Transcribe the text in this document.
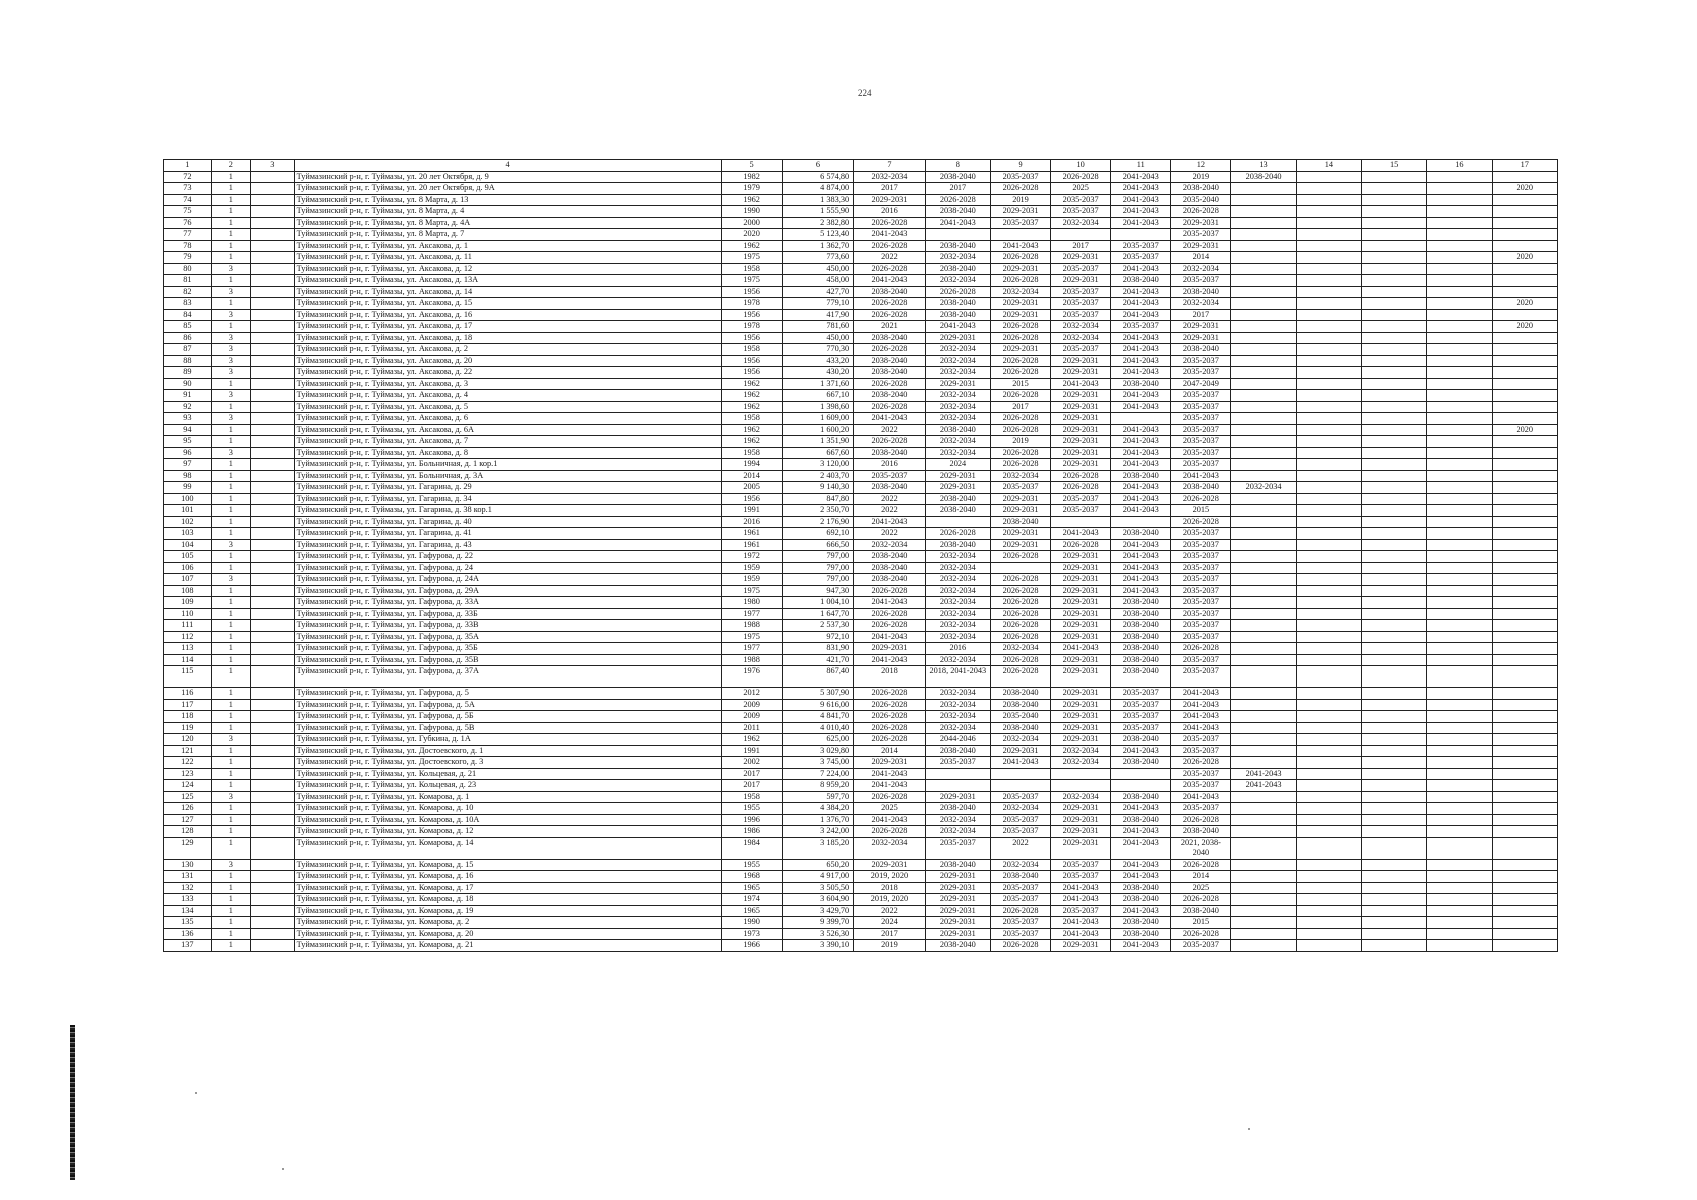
224
1	2	3	4	5	6	7	8	9	10	11	12	13	14	15	16	17
72	1		Туймазинский р-н, г. Туймазы, ул. 20 лет Октября, д. 9	1982	6 574,80	2032-2034	2038-2040	2035-2037	2026-2028	2041-2043	2019	2038-2040				
73	1		Туймазинский р-н, г. Туймазы, ул. 20 лет Октября, д. 9А	1979	4 874,00	2017	2017	2026-2028	2025	2041-2043	2038-2040					2020
74	1		Туймазинский р-н, г. Туймазы, ул. 8 Марта, д. 13	1962	1 383,30	2029-2031	2026-2028	2019	2035-2037	2041-2043	2035-2040					
75	1		Туймазинский р-н, г. Туймазы, ул. 8 Марта, д. 4	1990	1 555,90	2016	2038-2040	2029-2031	2035-2037	2041-2043	2026-2028					
76	1		Туймазинский р-н, г. Туймазы, ул. 8 Марта, д. 4А	2000	2 382,80	2026-2028	2041-2043	2035-2037	2032-2034	2041-2043	2029-2031					
77	1		Туймазинский р-н, г. Туймазы, ул. 8 Марта, д. 7	2020	5 123,40	2041-2043					2035-2037					
78	1		Туймазинский р-н, г. Туймазы, ул. Аксакова, д. 1	1962	1 362,70	2026-2028	2038-2040	2041-2043	2017	2035-2037	2029-2031					
79	1		Туймазинский р-н, г. Туймазы, ул. Аксакова, д. 11	1975	773,60	2022	2032-2034	2026-2028	2029-2031	2035-2037	2014					2020
80	3		Туймазинский р-н, г. Туймазы, ул. Аксакова, д. 12	1958	450,00	2026-2028	2038-2040	2029-2031	2035-2037	2041-2043	2032-2034					
81	1		Туймазинский р-н, г. Туймазы, ул. Аксакова, д. 13А	1975	458,00	2041-2043	2032-2034	2026-2028	2029-2031	2038-2040	2035-2037					
82	3		Туймазинский р-н, г. Туймазы, ул. Аксакова, д. 14	1956	427,70	2038-2040	2026-2028	2032-2034	2035-2037	2041-2043	2038-2040					
83	1		Туймазинский р-н, г. Туймазы, ул. Аксакова, д. 15	1978	779,10	2026-2028	2038-2040	2029-2031	2035-2037	2041-2043	2032-2034					2020
84	3		Туймазинский р-н, г. Туймазы, ул. Аксакова, д. 16	1956	417,90	2026-2028	2038-2040	2029-2031	2035-2037	2041-2043	2017					
85	1		Туймазинский р-н, г. Туймазы, ул. Аксакова, д. 17	1978	781,60	2021	2041-2043	2026-2028	2032-2034	2035-2037	2029-2031					2020
86	3		Туймазинский р-н, г. Туймазы, ул. Аксакова, д. 18	1956	450,00	2038-2040	2029-2031	2026-2028	2032-2034	2041-2043	2029-2031					
87	3		Туймазинский р-н, г. Туймазы, ул. Аксакова, д. 2	1958	770,30	2026-2028	2032-2034	2029-2031	2035-2037	2041-2043	2038-2040					
88	3		Туймазинский р-н, г. Туймазы, ул. Аксакова, д. 20	1956	433,20	2038-2040	2032-2034	2026-2028	2029-2031	2041-2043	2035-2037					
89	3		Туймазинский р-н, г. Туймазы, ул. Аксакова, д. 22	1956	430,20	2038-2040	2032-2034	2026-2028	2029-2031	2041-2043	2035-2037					
90	1		Туймазинский р-н, г. Туймазы, ул. Аксакова, д. 3	1962	1 371,60	2026-2028	2029-2031	2015	2041-2043	2038-2040	2047-2049					
91	3		Туймазинский р-н, г. Туймазы, ул. Аксакова, д. 4	1962	667,10	2038-2040	2032-2034	2026-2028	2029-2031	2041-2043	2035-2037					
92	1		Туймазинский р-н, г. Туймазы, ул. Аксакова, д. 5	1962	1 398,60	2026-2028	2032-2034	2017	2029-2031	2041-2043	2035-2037					
93	3		Туймазинский р-н, г. Туймазы, ул. Аксакова, д. 6	1958	1 609,00	2041-2043	2032-2034	2026-2028	2029-2031		2035-2037					
94	1		Туймазинский р-н, г. Туймазы, ул. Аксакова, д. 6А	1962	1 600,20	2022	2038-2040	2026-2028	2029-2031	2041-2043	2035-2037					2020
95	1		Туймазинский р-н, г. Туймазы, ул. Аксакова, д. 7	1962	1 351,90	2026-2028	2032-2034	2019	2029-2031	2041-2043	2035-2037					
96	3		Туймазинский р-н, г. Туймазы, ул. Аксакова, д. 8	1958	667,60	2038-2040	2032-2034	2026-2028	2029-2031	2041-2043	2035-2037					
97	1		Туймазинский р-н, г. Туймазы, ул. Больничная, д. 1 кор.1	1994	3 120,00	2016	2024	2026-2028	2029-2031	2041-2043	2035-2037					
98	1		Туймазинский р-н, г. Туймазы, ул. Больничная, д. 3А	2014	2 403,70	2035-2037	2029-2031	2032-2034	2026-2028	2038-2040	2041-2043					
99	1		Туймазинский р-н, г. Туймазы, ул. Гагарина, д. 29	2005	9 140,30	2038-2040	2029-2031	2035-2037	2026-2028	2041-2043	2038-2040	2032-2034				
100	1		Туймазинский р-н, г. Туймазы, ул. Гагарина, д. 34	1956	847,80	2022	2038-2040	2029-2031	2035-2037	2041-2043	2026-2028					
101	1		Туймазинский р-н, г. Туймазы, ул. Гагарина, д. 38 кор.1	1991	2 350,70	2022	2038-2040	2029-2031	2035-2037	2041-2043	2015					
102	1		Туймазинский р-н, г. Туймазы, ул. Гагарина, д. 40	2016	2 176,90	2041-2043		2038-2040			2026-2028					
103	1		Туймазинский р-н, г. Туймазы, ул. Гагарина, д. 41	1961	692,10	2022	2026-2028	2029-2031	2041-2043	2038-2040	2035-2037					
104	3		Туймазинский р-н, г. Туймазы, ул. Гагарина, д. 43	1961	666,50	2032-2034	2038-2040	2029-2031	2026-2028	2041-2043	2035-2037					
105	1		Туймазинский р-н, г. Туймазы, ул. Гафурова, д. 22	1972	797,00	2038-2040	2032-2034	2026-2028	2029-2031	2041-2043	2035-2037					
106	1		Туймазинский р-н, г. Туймазы, ул. Гафурова, д. 24	1959	797,00	2038-2040	2032-2034		2029-2031	2041-2043	2035-2037					
107	3		Туймазинский р-н, г. Туймазы, ул. Гафурова, д. 24А	1959	797,00	2038-2040	2032-2034	2026-2028	2029-2031	2041-2043	2035-2037					
108	1		Туймазинский р-н, г. Туймазы, ул. Гафурова, д. 29А	1975	947,30	2026-2028	2032-2034	2026-2028	2029-2031	2041-2043	2035-2037					
109	1		Туймазинский р-н, г. Туймазы, ул. Гафурова, д. 33А	1980	1 004,10	2041-2043	2032-2034	2026-2028	2029-2031	2038-2040	2035-2037					
110	1		Туймазинский р-н, г. Туймазы, ул. Гафурова, д. 33Б	1977	1 647,70	2026-2028	2032-2034	2026-2028	2029-2031	2038-2040	2035-2037					
111	1		Туймазинский р-н, г. Туймазы, ул. Гафурова, д. 33В	1988	2 537,30	2026-2028	2032-2034	2026-2028	2029-2031	2038-2040	2035-2037					
112	1		Туймазинский р-н, г. Туймазы, ул. Гафурова, д. 35А	1975	972,10	2041-2043	2032-2034	2026-2028	2029-2031	2038-2040	2035-2037					
113	1		Туймазинский р-н, г. Туймазы, ул. Гафурова, д. 35Б	1977	831,90	2029-2031	2016	2032-2034	2041-2043	2038-2040	2026-2028					
114	1		Туймазинский р-н, г. Туймазы, ул. Гафурова, д. 35В	1988	421,70	2041-2043	2032-2034	2026-2028	2029-2031	2038-2040	2035-2037					
115	1		Туймазинский р-н, г. Туймазы, ул. Гафурова, д. 37А	1976	867,40	2018	2018, 2041-2043	2026-2028	2029-2031	2038-2040	2035-2037					
116	1		Туймазинский р-н, г. Туймазы, ул. Гафурова, д. 5	2012	5 307,90	2026-2028	2032-2034	2038-2040	2029-2031	2035-2037	2041-2043					
117	1		Туймазинский р-н, г. Туймазы, ул. Гафурова, д. 5А	2009	9 616,00	2026-2028	2032-2034	2038-2040	2029-2031	2035-2037	2041-2043					
118	1		Туймазинский р-н, г. Туймазы, ул. Гафурова, д. 5Б	2009	4 841,70	2026-2028	2032-2034	2035-2040	2029-2031	2035-2037	2041-2043					
119	1		Туймазинский р-н, г. Туймазы, ул. Гафурова, д. 5В	2011	4 010,40	2026-2028	2032-2034	2038-2040	2029-2031	2035-2037	2041-2043					
120	3		Туймазинский р-н, г. Туймазы, ул. Губкина, д. 1А	1962	625,00	2026-2028	2044-2046	2032-2034	2029-2031	2038-2040	2035-2037					
121	1		Туймазинский р-н, г. Туймазы, ул. Достоевского, д. 1	1991	3 029,80	2014	2038-2040	2029-2031	2032-2034	2041-2043	2035-2037					
122	1		Туймазинский р-н, г. Туймазы, ул. Достоевского, д. 3	2002	3 745,00	2029-2031	2035-2037	2041-2043	2032-2034	2038-2040	2026-2028					
123	1		Туймазинский р-н, г. Туймазы, ул. Кольцевая, д. 21	2017	7 224,00	2041-2043					2035-2037	2041-2043				
124	1		Туймазинский р-н, г. Туймазы, ул. Кольцевая, д. 23	2017	8 959,20	2041-2043					2035-2037	2041-2043				
125	3		Туймазинский р-н, г. Туймазы, ул. Комарова, д. 1	1958	597,70	2026-2028	2029-2031	2035-2037	2032-2034	2038-2040	2041-2043					
126	1		Туймазинский р-н, г. Туймазы, ул. Комарова, д. 10	1955	4 384,20	2025	2038-2040	2032-2034	2029-2031	2041-2043	2035-2037					
127	1		Туймазинский р-н, г. Туймазы, ул. Комарова, д. 10А	1996	1 376,70	2041-2043	2032-2034	2035-2037	2029-2031	2038-2040	2026-2028					
128	1		Туймазинский р-н, г. Туймазы, ул. Комарова, д. 12	1986	3 242,00	2026-2028	2032-2034	2035-2037	2029-2031	2041-2043	2038-2040					
129	1		Туймазинский р-н, г. Туймазы, ул. Комарова, д. 14	1984	3 185,20	2032-2034	2035-2037	2022	2029-2031	2041-2043	2021, 2038-2040					
130	3		Туймазинский р-н, г. Туймазы, ул. Комарова, д. 15	1955	650,20	2029-2031	2038-2040	2032-2034	2035-2037	2041-2043	2026-2028					
131	1		Туймазинский р-н, г. Туймазы, ул. Комарова, д. 16	1968	4 917,00	2019, 2020	2029-2031	2038-2040	2035-2037	2041-2043	2014					
132	1		Туймазинский р-н, г. Туймазы, ул. Комарова, д. 17	1965	3 505,50	2018	2029-2031	2035-2037	2041-2043	2038-2040	2025					
133	1		Туймазинский р-н, г. Туймазы, ул. Комарова, д. 18	1974	3 604,90	2019, 2020	2029-2031	2035-2037	2041-2043	2038-2040	2026-2028					
134	1		Туймазинский р-н, г. Туймазы, ул. Комарова, д. 19	1965	3 429,70	2022	2029-2031	2026-2028	2035-2037	2041-2043	2038-2040					
135	1		Туймазинский р-н, г. Туймазы, ул. Комарова, д. 2	1990	9 399,70	2024	2029-2031	2035-2037	2041-2043	2038-2040	2015					
136	1		Туймазинский р-н, г. Туймазы, ул. Комарова, д. 20	1973	3 526,30	2017	2029-2031	2035-2037	2041-2043	2038-2040	2026-2028					
137	1		Туймазинский р-н, г. Туймазы, ул. Комарова, д. 21	1966	3 390,10	2019	2038-2040	2026-2028	2029-2031	2041-2043	2035-2037					
